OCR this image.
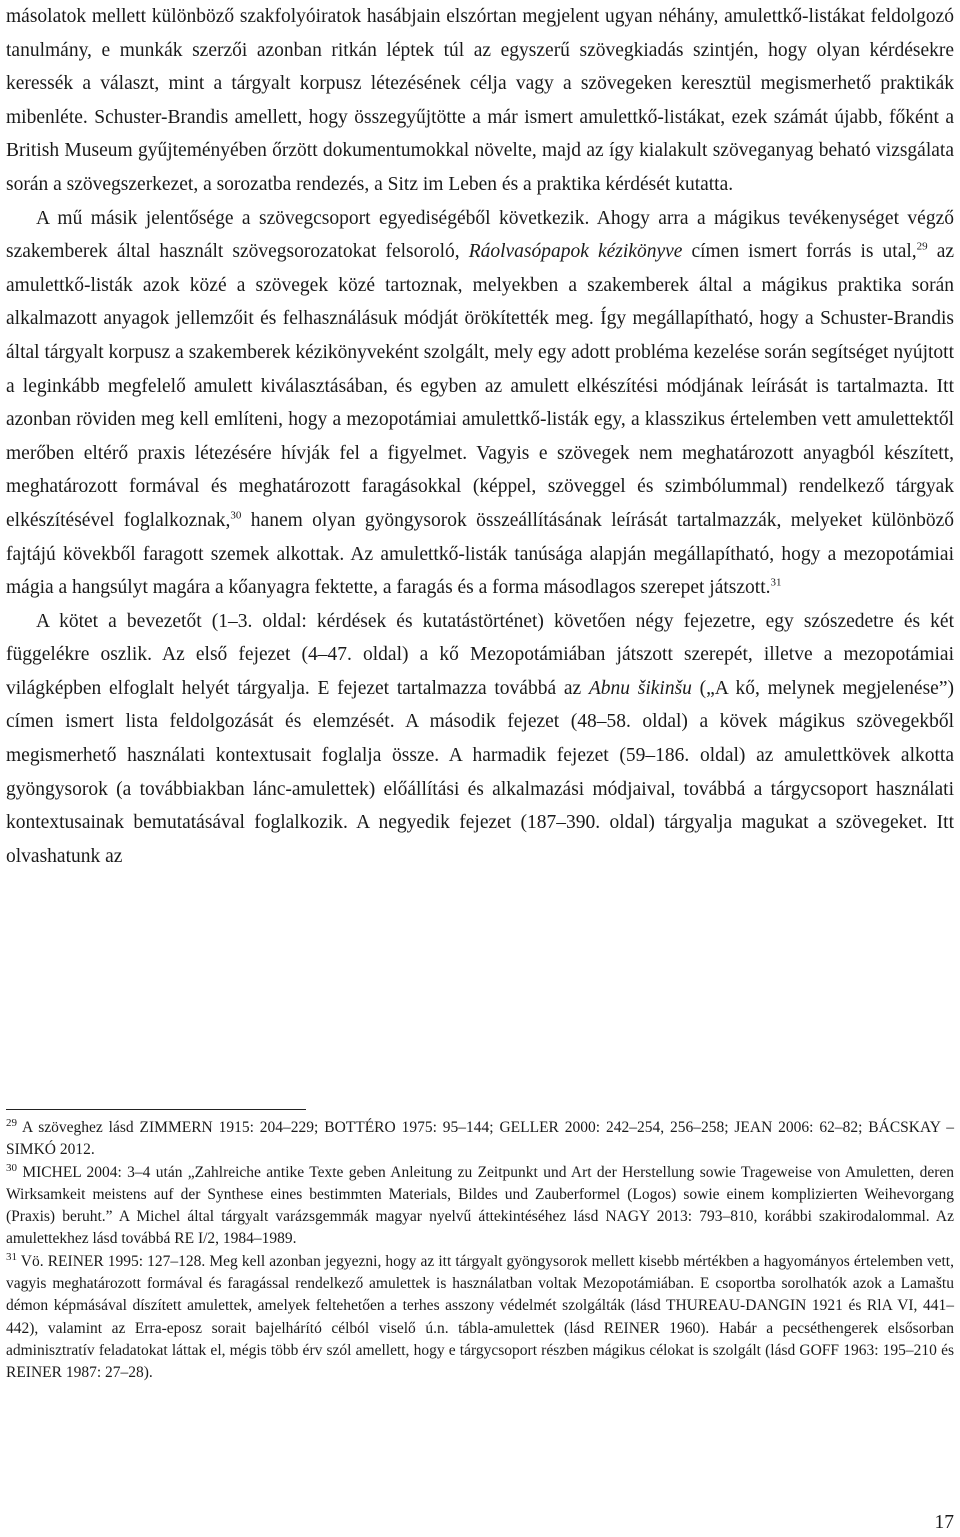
másolatok mellett különböző szakfolyóiratok hasábjain elszórtan megjelent ugyan néhány, amulettkő-listákat feldolgozó tanulmány, e munkák szerzői azonban ritkán léptek túl az egyszerű szövegkiadás szintjén, hogy olyan kérdésekre keressék a választ, mint a tárgyalt korpusz létezésének célja vagy a szövegeken keresztül megismerhető praktikák mibenléte. Schuster-Brandis amellett, hogy összegyűjtötte a már ismert amulettkő-listákat, ezek számát újabb, főként a British Museum gyűjteményében őrzött dokumentumokkal növelte, majd az így kialakult szöveganyag beható vizsgálata során a szövegszerkezet, a sorozatba rendezés, a Sitz im Leben és a praktika kérdését kutatta.

A mű másik jelentősége a szövegcsoport egyediségéből következik. Ahogy arra a mágikus tevékenységet végző szakemberek által használt szövegsorozatokat felsoroló, Ráolvasópapok kézikönyve címen ismert forrás is utal,$^{29}$ az amulettkő-listák azok közé a szövegek közé tartoznak, melyekben a szakemberek által a mágikus praktika során alkalmazott anyagok jellemzőit és felhasználásuk módját örökítették meg. Így megállapítható, hogy a Schuster-Brandis által tárgyalt korpusz a szakemberek kézikönyveként szolgált, mely egy adott probléma kezelése során segítséget nyújtott a leginkább megfelelő amulett kiválasztásában, és egyben az amulett elkészítési módjának leírását is tartalmazta. Itt azonban röviden meg kell említeni, hogy a mezopotámiai amulettkő-listák egy, a klasszikus értelemben vett amulettektől merőben eltérő praxis létezésére hívják fel a figyelmet. Vagyis e szövegek nem meghatározott anyagból készített, meghatározott formával és meghatározott faragásokkal (képpel, szöveggel és szimbólummal) rendelkező tárgyak elkészítésével foglalkoznak,$^{30}$ hanem olyan gyöngysorok összeállításának leírását tartalmazzák, melyeket különböző fajtájú kövekből faragott szemek alkottak. Az amulettkő-listák tanúsága alapján megállapítható, hogy a mezopotámiai mágia a hangsúlyt magára a kőanyagra fektette, a faragás és a forma másodlagos szerepet játszott.$^{31}$

A kötet a bevezetőt (1–3. oldal: kérdések és kutatástörténet) követően négy fejezetre, egy szószedetre és két függelékre oszlik. Az első fejezet (4–47. oldal) a kő Mezopotámiában játszott szerepét, illetve a mezopotámiai világképben elfoglalt helyét tárgyalja. E fejezet tartalmazza továbbá az Abnu šikinšu („A kő, melynek megjelenése”) címen ismert lista feldolgozását és elemzését. A második fejezet (48–58. oldal) a kövek mágikus szövegekből megismerhető használati kontextusait foglalja össze. A harmadik fejezet (59–186. oldal) az amulettkövek alkotta gyöngysorok (a továbbiakban lánc-amulettek) előállítási és alkalmazási módjaival, továbbá a tárgycsoport használati kontextusainak bemutatásával foglalkozik. A negyedik fejezet (187–390. oldal) tárgyalja magukat a szövegeket. Itt olvashatunk az

$^{29}$ A szöveghez lásd ZIMMERN 1915: 204–229; BOTTÉRO 1975: 95–144; GELLER 2000: 242–254, 256–258; JEAN 2006: 62–82; BÁCSKAY – SIMKÓ 2012.

$^{30}$ MICHEL 2004: 3–4 után „Zahlreiche antike Texte geben Anleitung zu Zeitpunkt und Art der Herstellung sowie Trageweise von Amuletten, deren Wirksamkeit meistens auf der Synthese eines bestimmten Materials, Bildes und Zauberformel (Logos) sowie einem komplizierten Weihevorgang (Praxis) beruht.” A Michel által tárgyalt varázsgemmák magyar nyelvű áttekintéséhez lásd NAGY 2013: 793–810, korábbi szakirodalommal. Az amulettekhez lásd továbbá RE I/2, 1984–1989.

$^{31}$ Vö. REINER 1995: 127–128. Meg kell azonban jegyezni, hogy az itt tárgyalt gyöngysorok mellett kisebb mértékben a hagyományos értelemben vett, vagyis meghatározott formával és faragással rendelkező amulettek is használatban voltak Mezopotámiában. E csoportba sorolhatók azok a Lamaštu démon képmásával díszített amulettek, amelyek feltehetően a terhes asszony védelmét szolgálták (lásd THUREAU-DANGIN 1921 és RlA VI, 441–442), valamint az Erra-eposz sorait bajelhárító célból viselő ú.n. tábla-amulettek (lásd REINER 1960). Habár a pecséthengerek elsősorban adminisztratív feladatokat láttak el, mégis több érv szól amellett, hogy e tárgycsoport részben mágikus célokat is szolgált (lásd GOFF 1963: 195–210 és REINER 1987: 27–28).

17
